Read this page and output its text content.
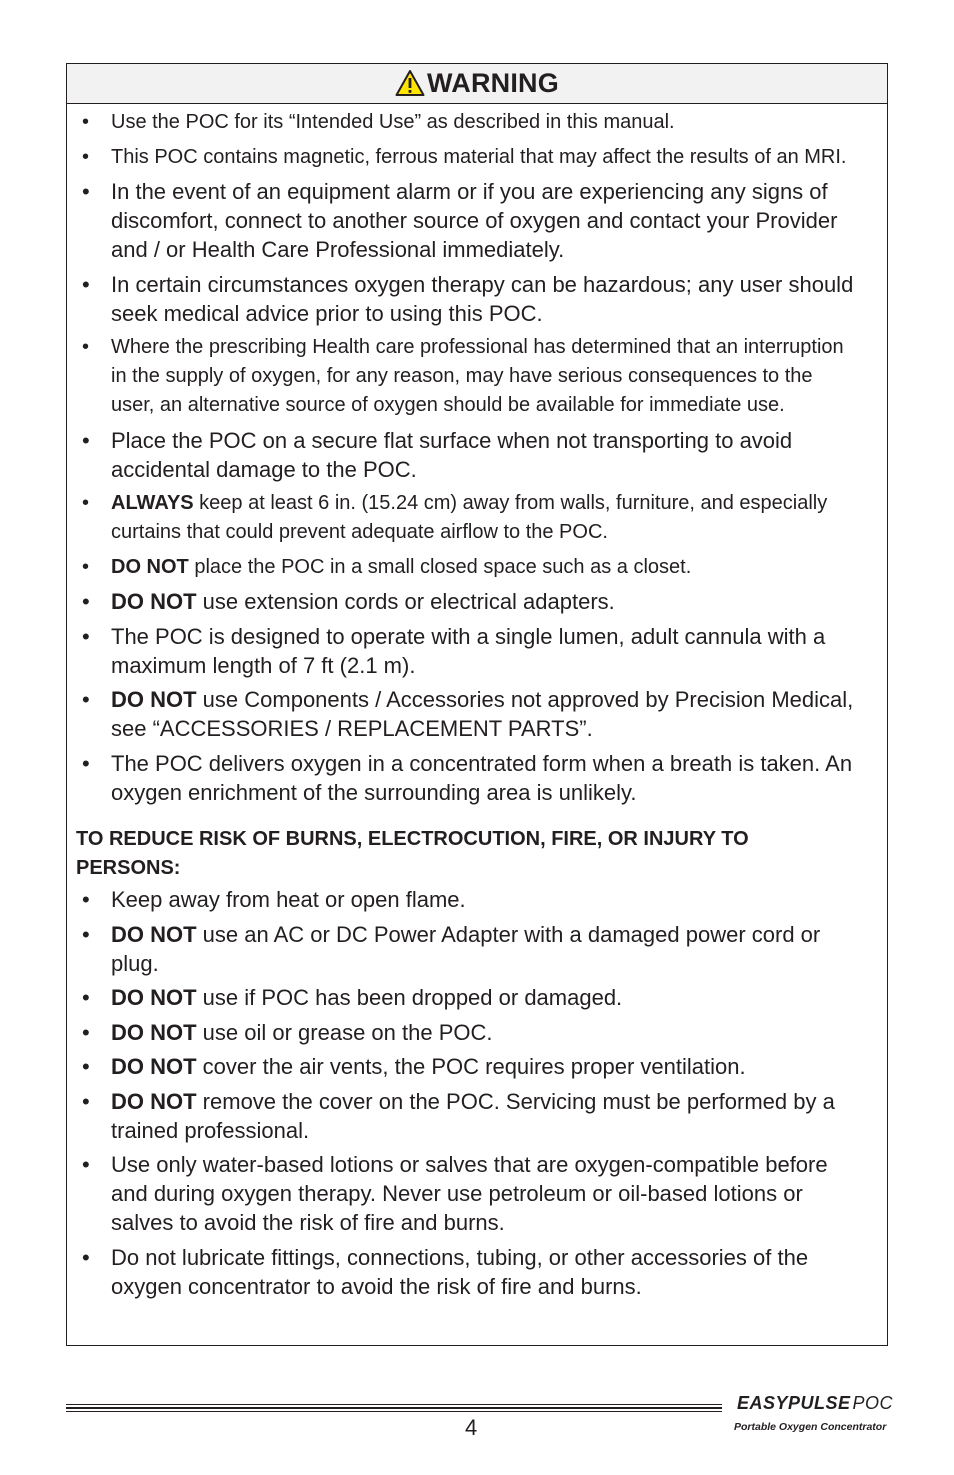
WARNING
• Use the POC for its “Intended Use” as described in this manual.
• This POC contains magnetic, ferrous material that may affect the results of an MRI.
• In the event of an equipment alarm or if you are experiencing any signs of discomfort, connect to another source of oxygen and contact your Provider and / or Health Care Professional immediately.
• In certain circumstances oxygen therapy can be hazardous; any user should seek medical advice prior to using this POC.
• Where the prescribing Health care professional has determined that an interruption in the supply of oxygen, for any reason, may have serious consequences to the user, an alternative source of oxygen should be available for immediate use.
• Place the POC on a secure flat surface when not transporting to avoid accidental damage to the POC.
• ALWAYS keep at least 6 in. (15.24 cm) away from walls, furniture, and especially curtains that could prevent adequate airflow to the POC.
• DO NOT place the POC in a small closed space such as a closet.
• DO NOT use extension cords or electrical adapters.
• The POC is designed to operate with a single lumen, adult cannula with a maximum length of 7 ft (2.1 m).
• DO NOT use Components / Accessories not approved by Precision Medical, see “ACCESSORIES / REPLACEMENT PARTS”.
• The POC delivers oxygen in a concentrated form when a breath is taken. An oxygen enrichment of the surrounding area is unlikely.
TO REDUCE RISK OF BURNS, ELECTROCUTION, FIRE, OR INJURY TO PERSONS:
• Keep away from heat or open flame.
• DO NOT use an AC or DC Power Adapter with a damaged power cord or plug.
• DO NOT use if POC has been dropped or damaged.
• DO NOT use oil or grease on the POC.
• DO NOT cover the air vents, the POC requires proper ventilation.
• DO NOT remove the cover on the POC. Servicing must be performed by a trained professional.
• Use only water-based lotions or salves that are oxygen-compatible before and during oxygen therapy. Never use petroleum or oil-based lotions or salves to avoid the risk of fire and burns.
• Do not lubricate fittings, connections, tubing, or other accessories of the oxygen concentrator to avoid the risk of fire and burns.
4
EASYPULSE POC
Portable Oxygen Concentrator
